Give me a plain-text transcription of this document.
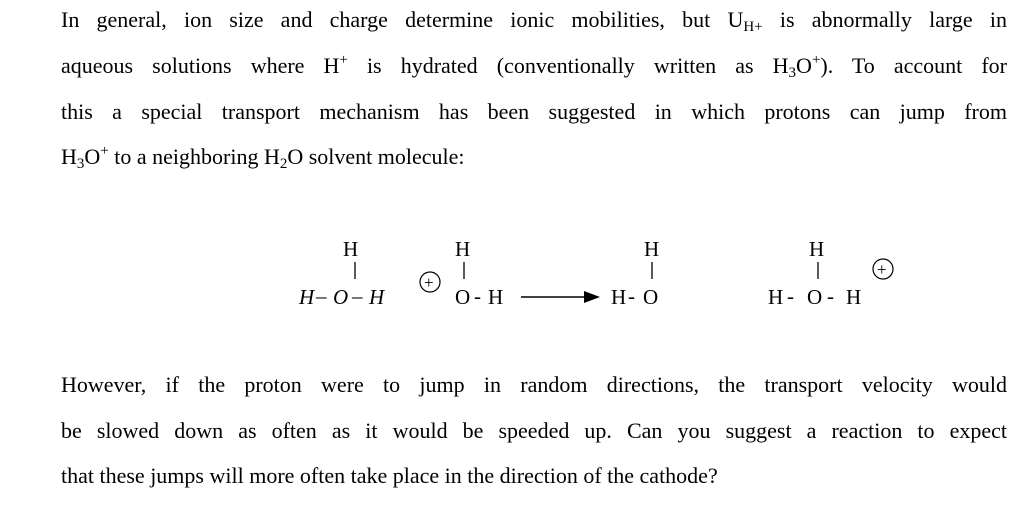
In general, ion size and charge determine ionic mobilities, but $U_{H+}$ is abnormally large in
aqueous solutions where H+ is hydrated (conventionally written as $H_3O^+$). To account for
this a special transport mechanism has been suggested in which protons can jump from
$H_3O^+$ to a neighboring $H_2O$ solvent molecule:
H
H – O – H
+
H
O - H
H
H - O
H
H - O - H
+
However, if the proton were to jump in random directions, the transport velocity would
be slowed down as often as it would be speeded up. Can you suggest a reaction to expect
that these jumps will more often take place in the direction of the cathode?
